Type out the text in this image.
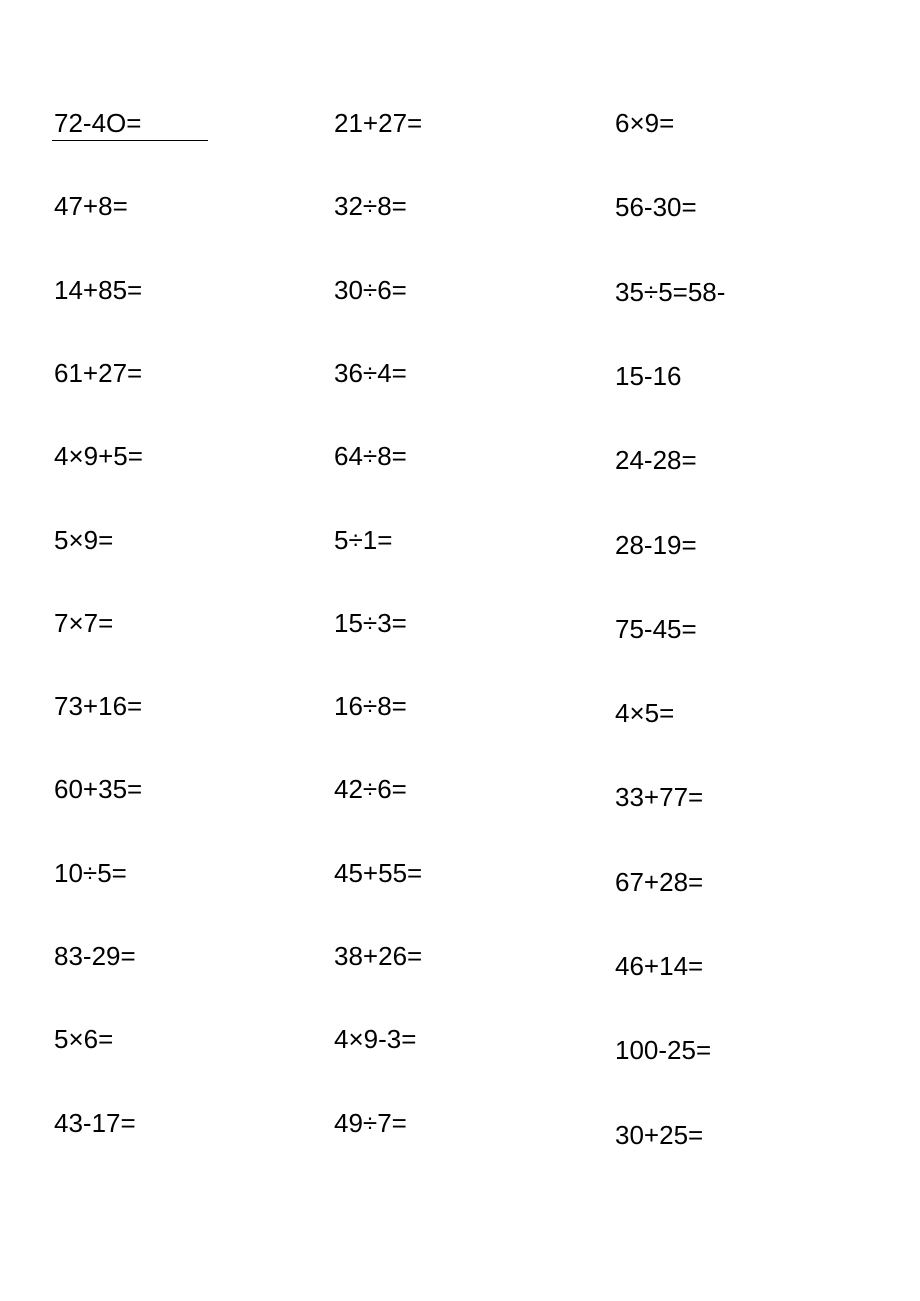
72-4O=
47+8=
14+85=
61+27=
4×9+5=
5×9=
7×7=
73+16=
60+35=
10÷5=
83-29=
5×6=
43-17=
21+27=
32÷8=
30÷6=
36÷4=
64÷8=
5÷1=
15÷3=
16÷8=
42÷6=
45+55=
38+26=
4×9-3=
49÷7=
6×9=
56-30=
35÷5=58-
15-16
24-28=
28-19=
75-45=
4×5=
33+77=
67+28=
46+14=
100-25=
30+25=
